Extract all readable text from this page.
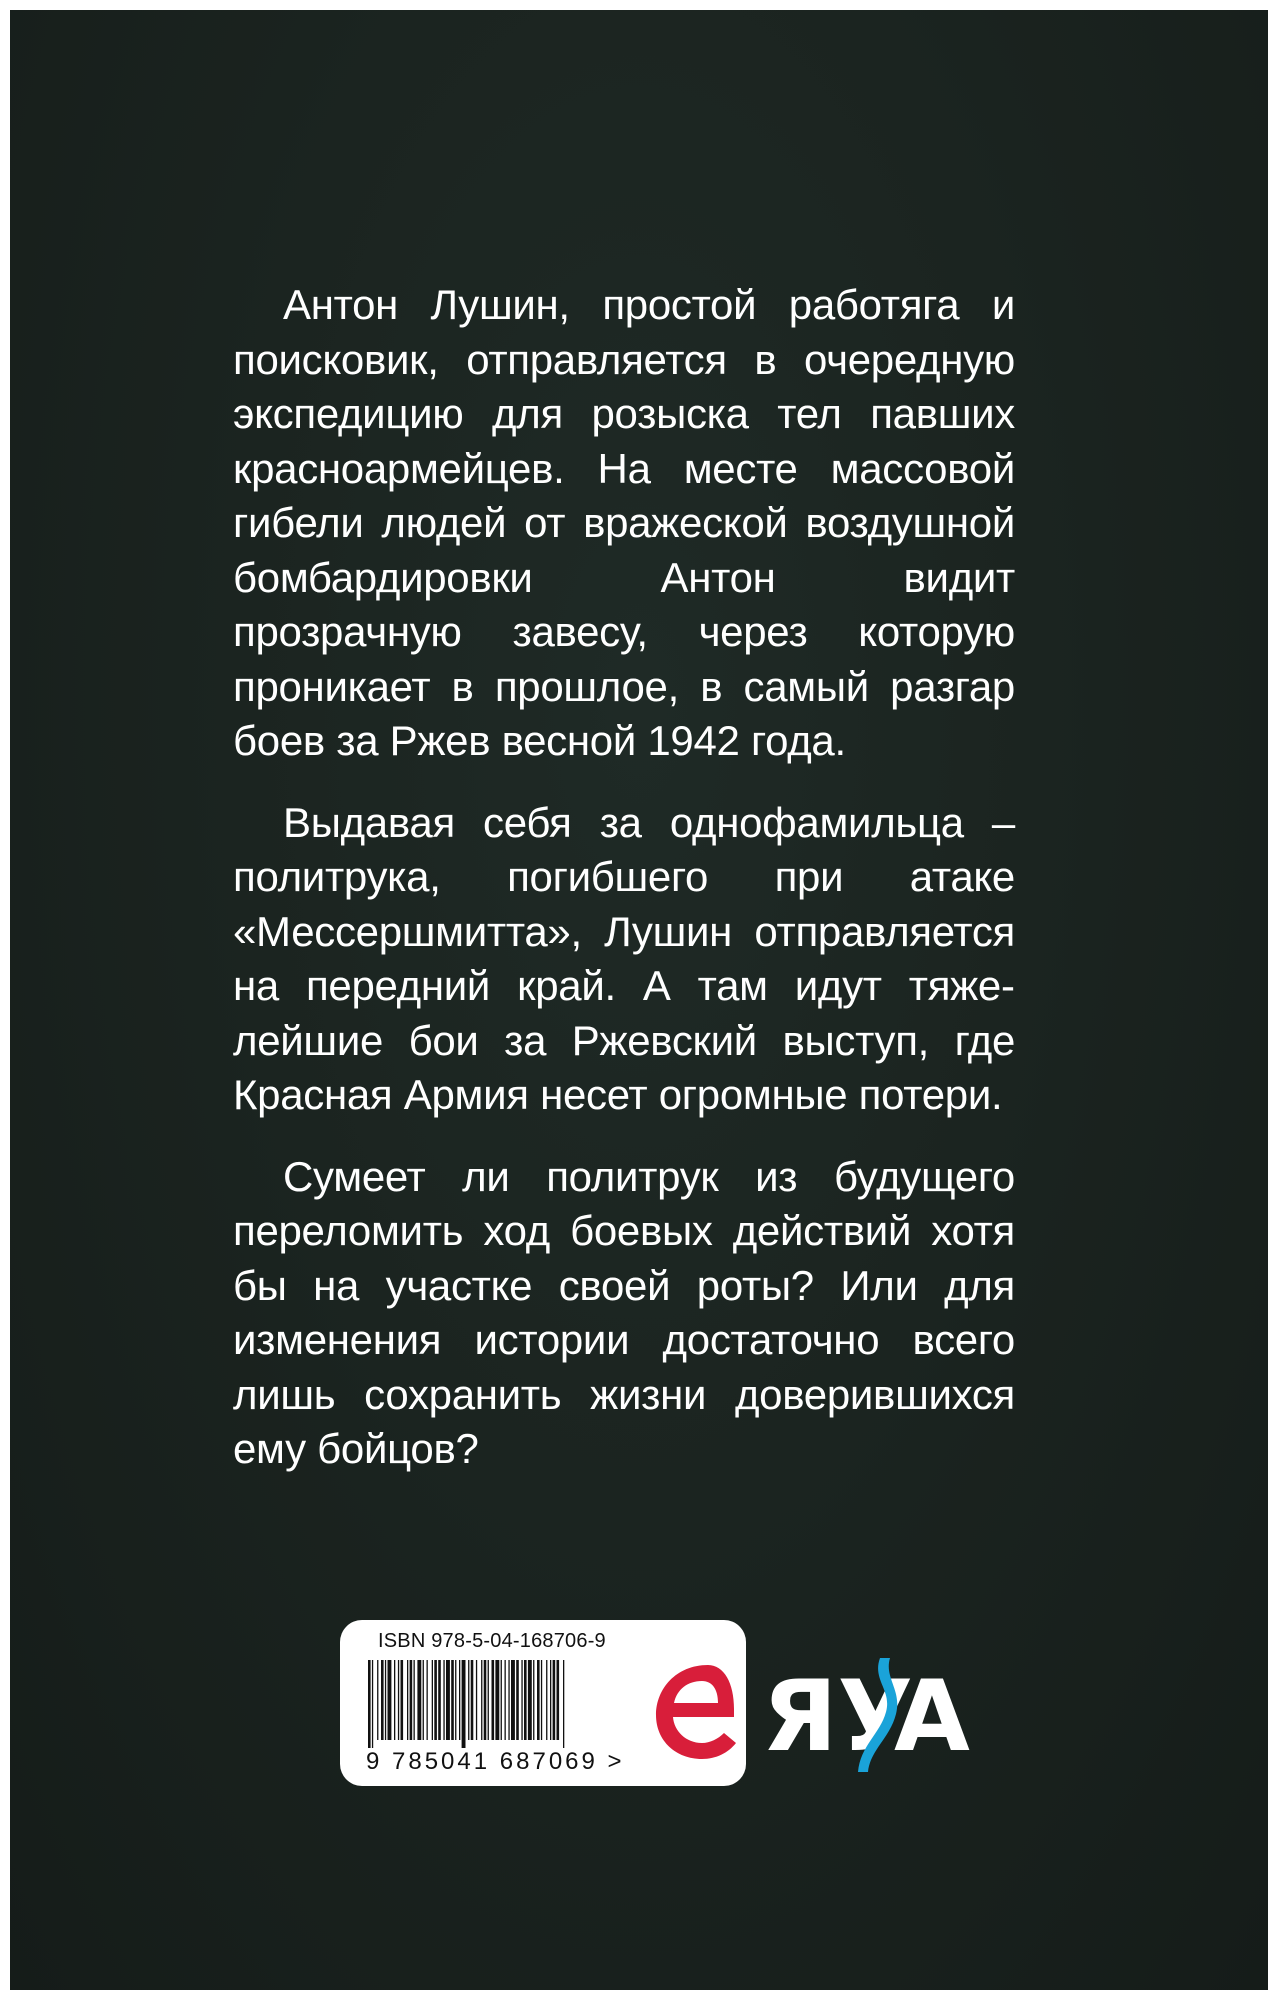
Антон Лушин, простой работяга и поисковик, отправляется в очередную экспедицию для розыска тел павших красноармейцев. На месте массовой гибели людей от вражеской воздушной бомбардировки Антон видит прозрачную завесу, через которую проникает в прошлое, в самый разгар боев за Ржев весной 1942 года.

Выдавая себя за однофамильца – политрука, погибшего при атаке «Мессершмитта», Лушин отправляется на передний край. А там идут тяжелейшие бои за Ржевский выступ, где Красная Армия несет огромные потери.

Сумеет ли политрук из будущего переломить ход боевых действий хотя бы на участке своей роты? Или для изменения истории достаточно всего лишь сохранить жизни доверившихся ему бойцов?

ISBN 978-5-04-168706-9
9 785041 687069 > ЯУ
А
